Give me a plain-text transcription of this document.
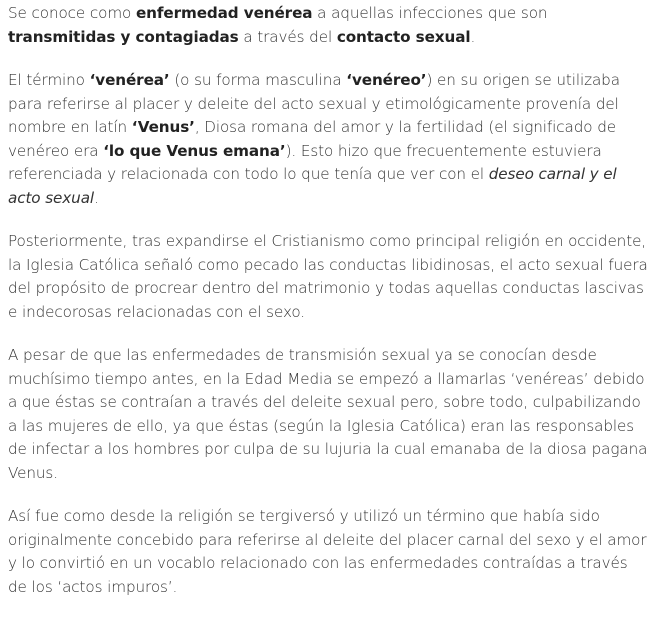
Se conoce como enfermedad venérea a aquellas infecciones que son transmitidas y contagiadas a través del contacto sexual.

El término ‘venérea’ (o su forma masculina ‘venéreo’) en su origen se utilizaba para referirse al placer y deleite del acto sexual y etimológicamente provenía del nombre en latín ‘Venus’, Diosa romana del amor y la fertilidad (el significado de venéreo era ‘lo que Venus emana’). Esto hizo que frecuentemente estuviera referenciada y relacionada con todo lo que tenía que ver con el deseo carnal y el acto sexual.

Posteriormente, tras expandirse el Cristianismo como principal religión en occidente, la Iglesia Católica señaló como pecado las conductas libidinosas, el acto sexual fuera del propósito de procrear dentro del matrimonio y todas aquellas conductas lascivas e indecorosas relacionadas con el sexo.

A pesar de que las enfermedades de transmisión sexual ya se conocían desde muchísimo tiempo antes, en la Edad Media se empezó a llamarlas ‘venéreas’ debido a que éstas se contraían a través del deleite sexual pero, sobre todo, culpabilizando a las mujeres de ello, ya que éstas (según la Iglesia Católica) eran las responsables de infectar a los hombres por culpa de su lujuria la cual emanaba de la diosa pagana Venus.

Así fue como desde la religión se tergiversó y utilizó un término que había sido originalmente concebido para referirse al deleite del placer carnal del sexo y el amor y lo convirtió en un vocablo relacionado con las enfermedades contraídas a través de los ‘actos impuros’.
